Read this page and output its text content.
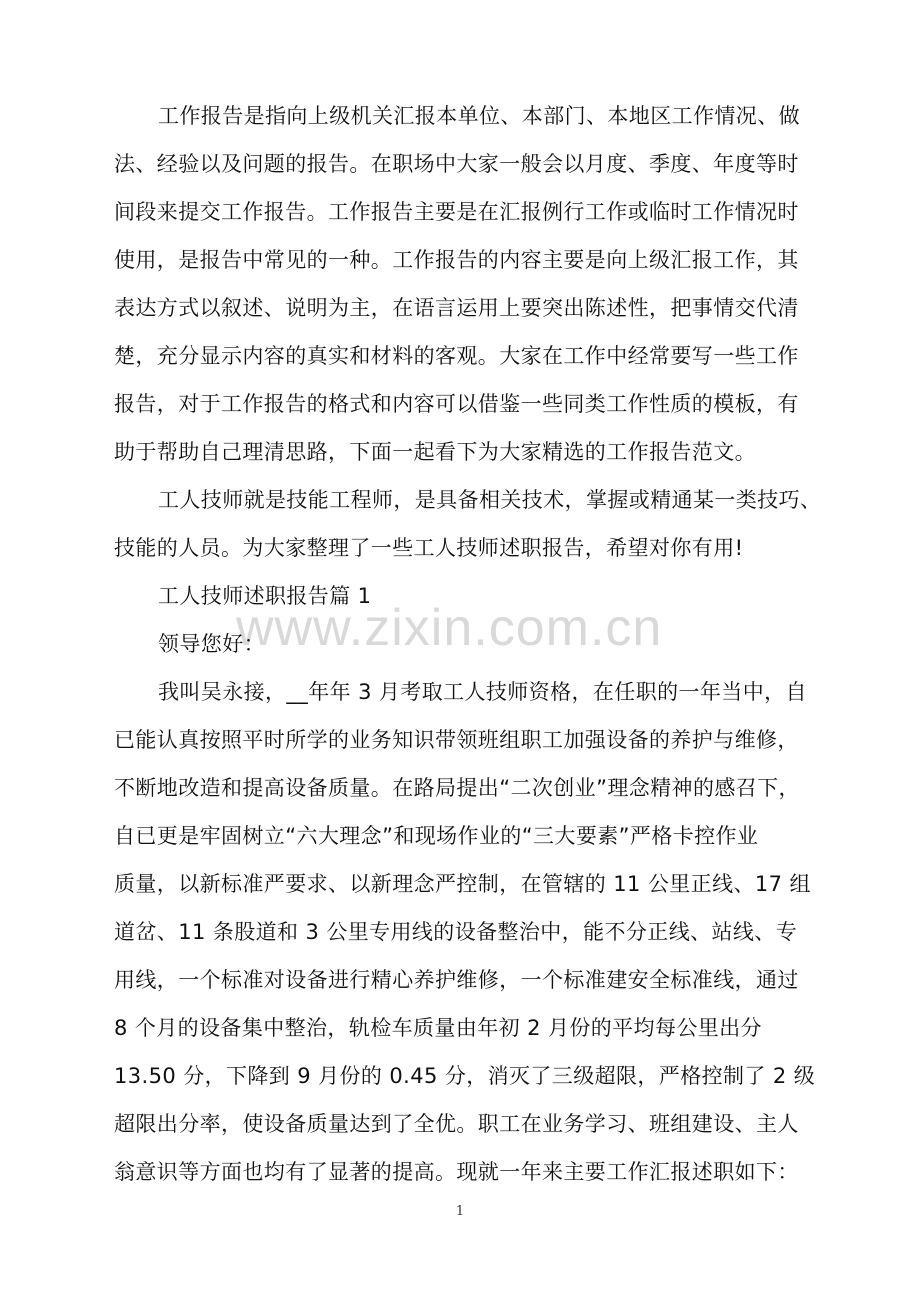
www.zixin.com.cn
工作报告是指向上级机关汇报本单位、本部门、本地区工作情况、做
法、经验以及问题的报告。在职场中大家一般会以月度、季度、年度等时
间段来提交工作报告。工作报告主要是在汇报例行工作或临时工作情况时
使用，是报告中常见的一种。工作报告的内容主要是向上级汇报工作，其
表达方式以叙述、说明为主，在语言运用上要突出陈述性，把事情交代清
楚，充分显示内容的真实和材料的客观。大家在工作中经常要写一些工作
报告，对于工作报告的格式和内容可以借鉴一些同类工作性质的模板，有
助于帮助自己理清思路，下面一起看下为大家精选的工作报告范文。
工人技师就是技能工程师，是具备相关技术，掌握或精通某一类技巧、
技能的人员。为大家整理了一些工人技师述职报告，希望对你有用!
工人技师述职报告篇 1
领导您好：
我叫吴永接，__年年 3 月考取工人技师资格，在任职的一年当中，自
已能认真按照平时所学的业务知识带领班组职工加强设备的养护与维修，
不断地改造和提高设备质量。在路局提出“二次创业”理念精神的感召下，
自已更是牢固树立“六大理念”和现场作业的“三大要素”严格卡控作业
质量，以新标准严要求、以新理念严控制，在管辖的 11 公里正线、17 组
道岔、11 条股道和 3 公里专用线的设备整治中，能不分正线、站线、专
用线，一个标准对设备进行精心养护维修，一个标准建安全标准线，通过
8 个月的设备集中整治，轨检车质量由年初 2 月份的平均每公里出分
13.50 分，下降到 9 月份的 0.45 分，消灭了三级超限，严格控制了 2 级
超限出分率，使设备质量达到了全优。职工在业务学习、班组建设、主人
翁意识等方面也均有了显著的提高。现就一年来主要工作汇报述职如下：
1
